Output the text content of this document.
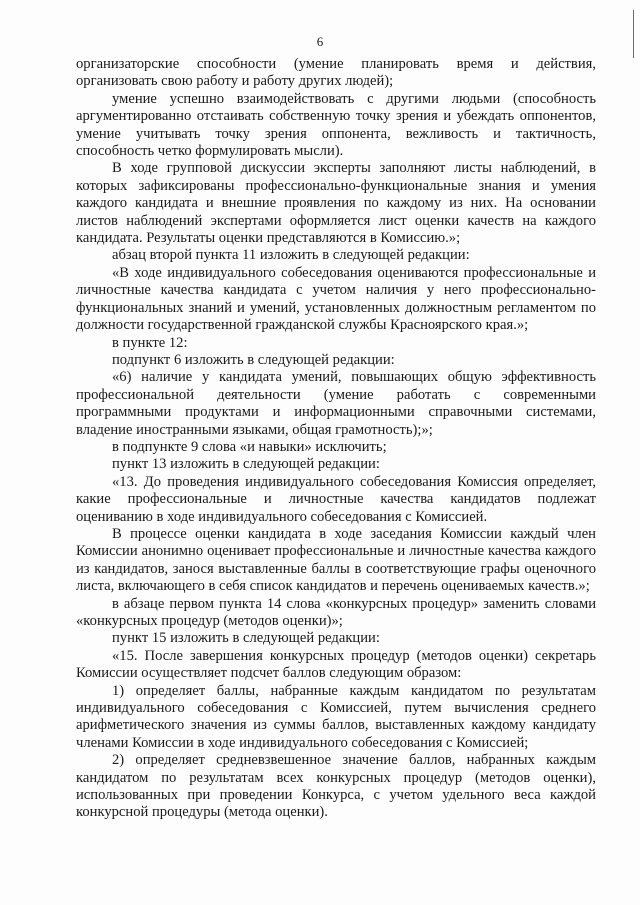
6

организаторские способности (умение планировать время и действия, организовать свою работу и работу других людей);

умение успешно взаимодействовать с другими людьми (способность аргументированно отстаивать собственную точку зрения и убеждать оппонентов, умение учитывать точку зрения оппонента, вежливость и тактичность, способность четко формулировать мысли).

В ходе групповой дискуссии эксперты заполняют листы наблюдений, в которых зафиксированы профессионально-функциональные знания и умения каждого кандидата и внешние проявления по каждому из них. На основании листов наблюдений экспертами оформляется лист оценки качеств на каждого кандидата. Результаты оценки представляются в Комиссию.»;

абзац второй пункта 11 изложить в следующей редакции:

«В ходе индивидуального собеседования оцениваются профессиональные и личностные качества кандидата с учетом наличия у него профессионально-функциональных знаний и умений, установленных должностным регламентом по должности государственной гражданской службы Красноярского края.»;

в пункте 12:

подпункт 6 изложить в следующей редакции:

«6) наличие у кандидата умений, повышающих общую эффективность профессиональной деятельности (умение работать с современными программными продуктами и информационными справочными системами, владение иностранными языками, общая грамотность);»;

в подпункте 9 слова «и навыки» исключить;

пункт 13 изложить в следующей редакции:

«13. До проведения индивидуального собеседования Комиссия определяет, какие профессиональные и личностные качества кандидатов подлежат оцениванию в ходе индивидуального собеседования с Комиссией.

В процессе оценки кандидата в ходе заседания Комиссии каждый член Комиссии анонимно оценивает профессиональные и личностные качества каждого из кандидатов, занося выставленные баллы в соответствующие графы оценочного листа, включающего в себя список кандидатов и перечень оцениваемых качеств.»;

в абзаце первом пункта 14 слова «конкурсных процедур» заменить словами «конкурсных процедур (методов оценки)»;

пункт 15 изложить в следующей редакции:

«15. После завершения конкурсных процедур (методов оценки) секретарь Комиссии осуществляет подсчет баллов следующим образом:

1) определяет баллы, набранные каждым кандидатом по результатам индивидуального собеседования с Комиссией, путем вычисления среднего арифметического значения из суммы баллов, выставленных каждому кандидату членами Комиссии в ходе индивидуального собеседования с Комиссией;

2) определяет средневзвешенное значение баллов, набранных каждым кандидатом по результатам всех конкурсных процедур (методов оценки), использованных при проведении Конкурса, с учетом удельного веса каждой конкурсной процедуры (метода оценки).
